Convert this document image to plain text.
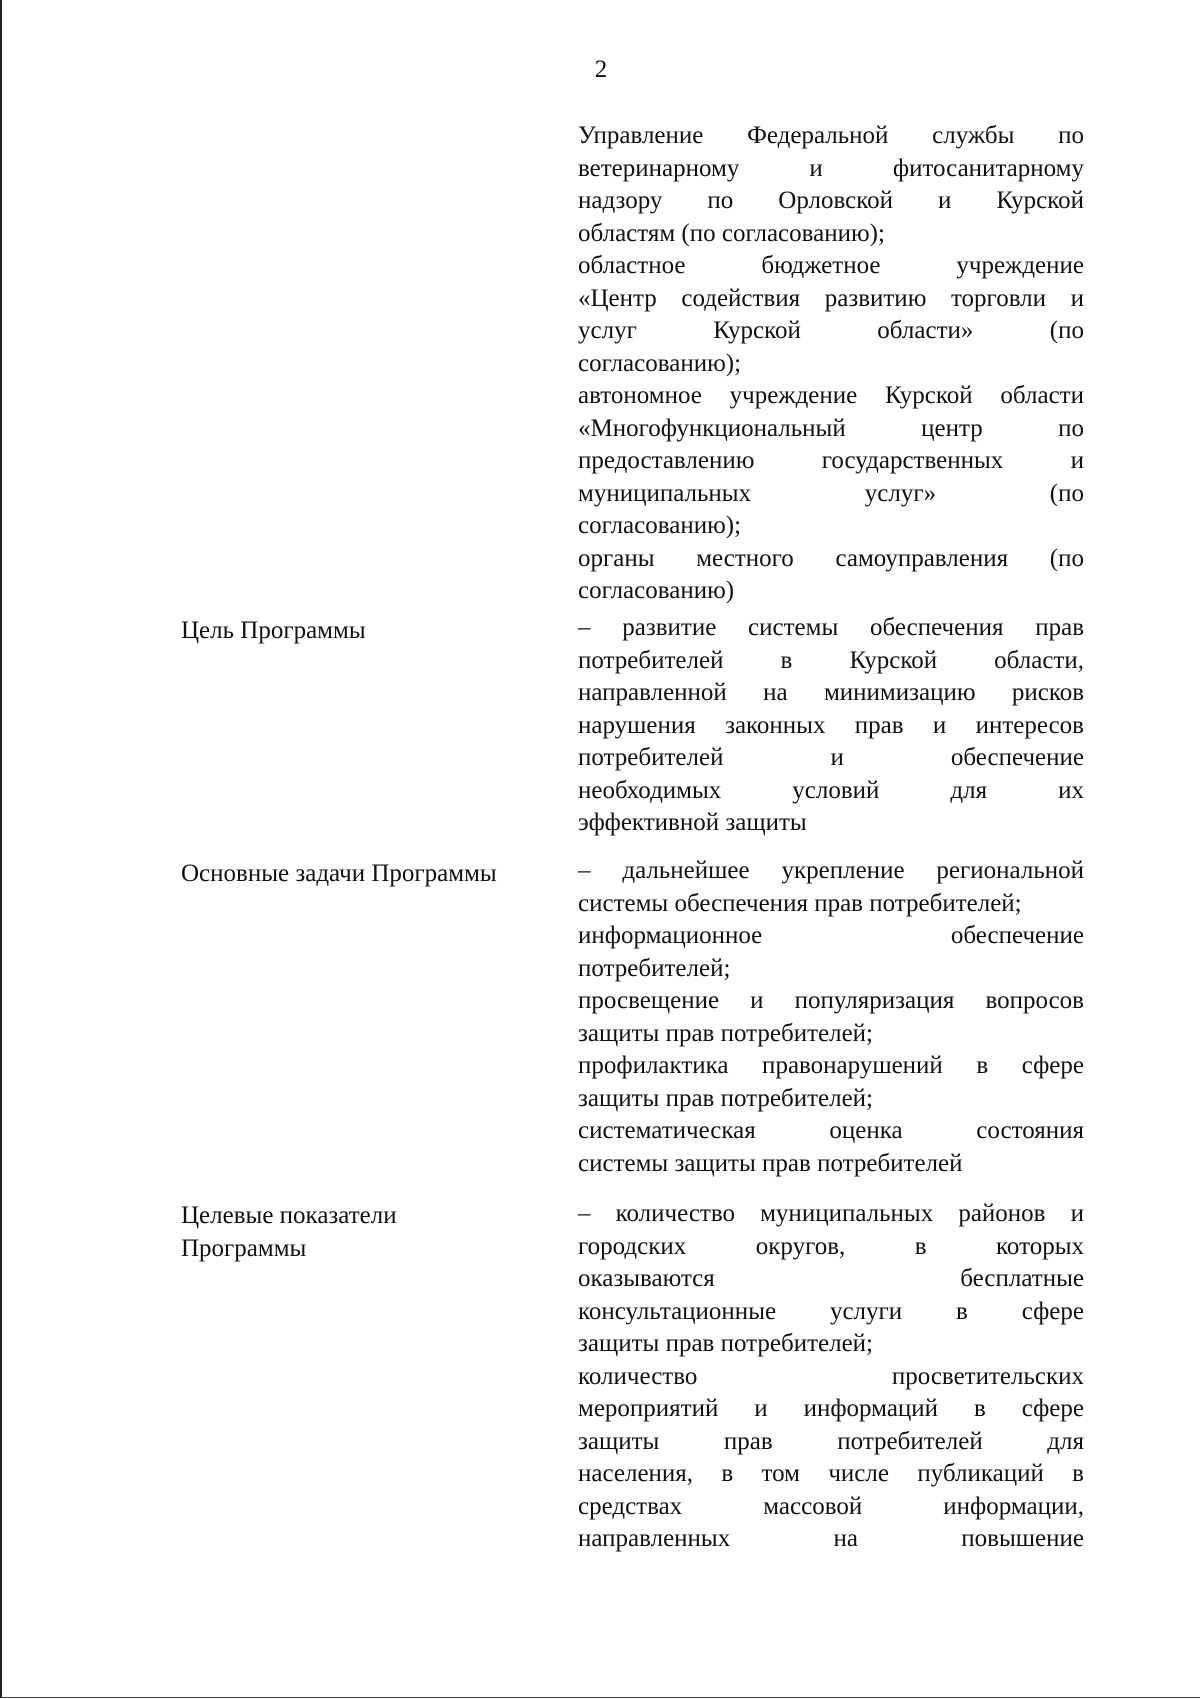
2
Управление Федеральной службы по
ветеринарному и фитосанитарному
надзору по Орловской и Курской
областям (по согласованию);
областное бюджетное учреждение
«Центр содействия развитию торговли и
услуг Курской области» (по
согласованию);
автономное учреждение Курской области
«Многофункциональный центр по
предоставлению государственных и
муниципальных услуг» (по
согласованию);
органы местного самоуправления (по
согласованию)
Цель Программы	– развитие системы обеспечения прав
потребителей в Курской области,
направленной на минимизацию рисков
нарушения законных прав и интересов
потребителей и обеспечение
необходимых условий для их
эффективной защиты
Основные задачи Программы	– дальнейшее укрепление региональной
системы обеспечения прав потребителей;
информационное обеспечение
потребителей;
просвещение и популяризация вопросов
защиты прав потребителей;
профилактика правонарушений в сфере
защиты прав потребителей;
систематическая оценка состояния
системы защиты прав потребителей
Целевые показатели
Программы
– количество муниципальных районов и
городских округов, в которых
оказываются бесплатные
консультационные услуги в сфере
защиты прав потребителей;
количество просветительских
мероприятий и информаций в сфере
защиты прав потребителей для
населения, в том числе публикаций в
средствах массовой информации,
направленных на повышение
